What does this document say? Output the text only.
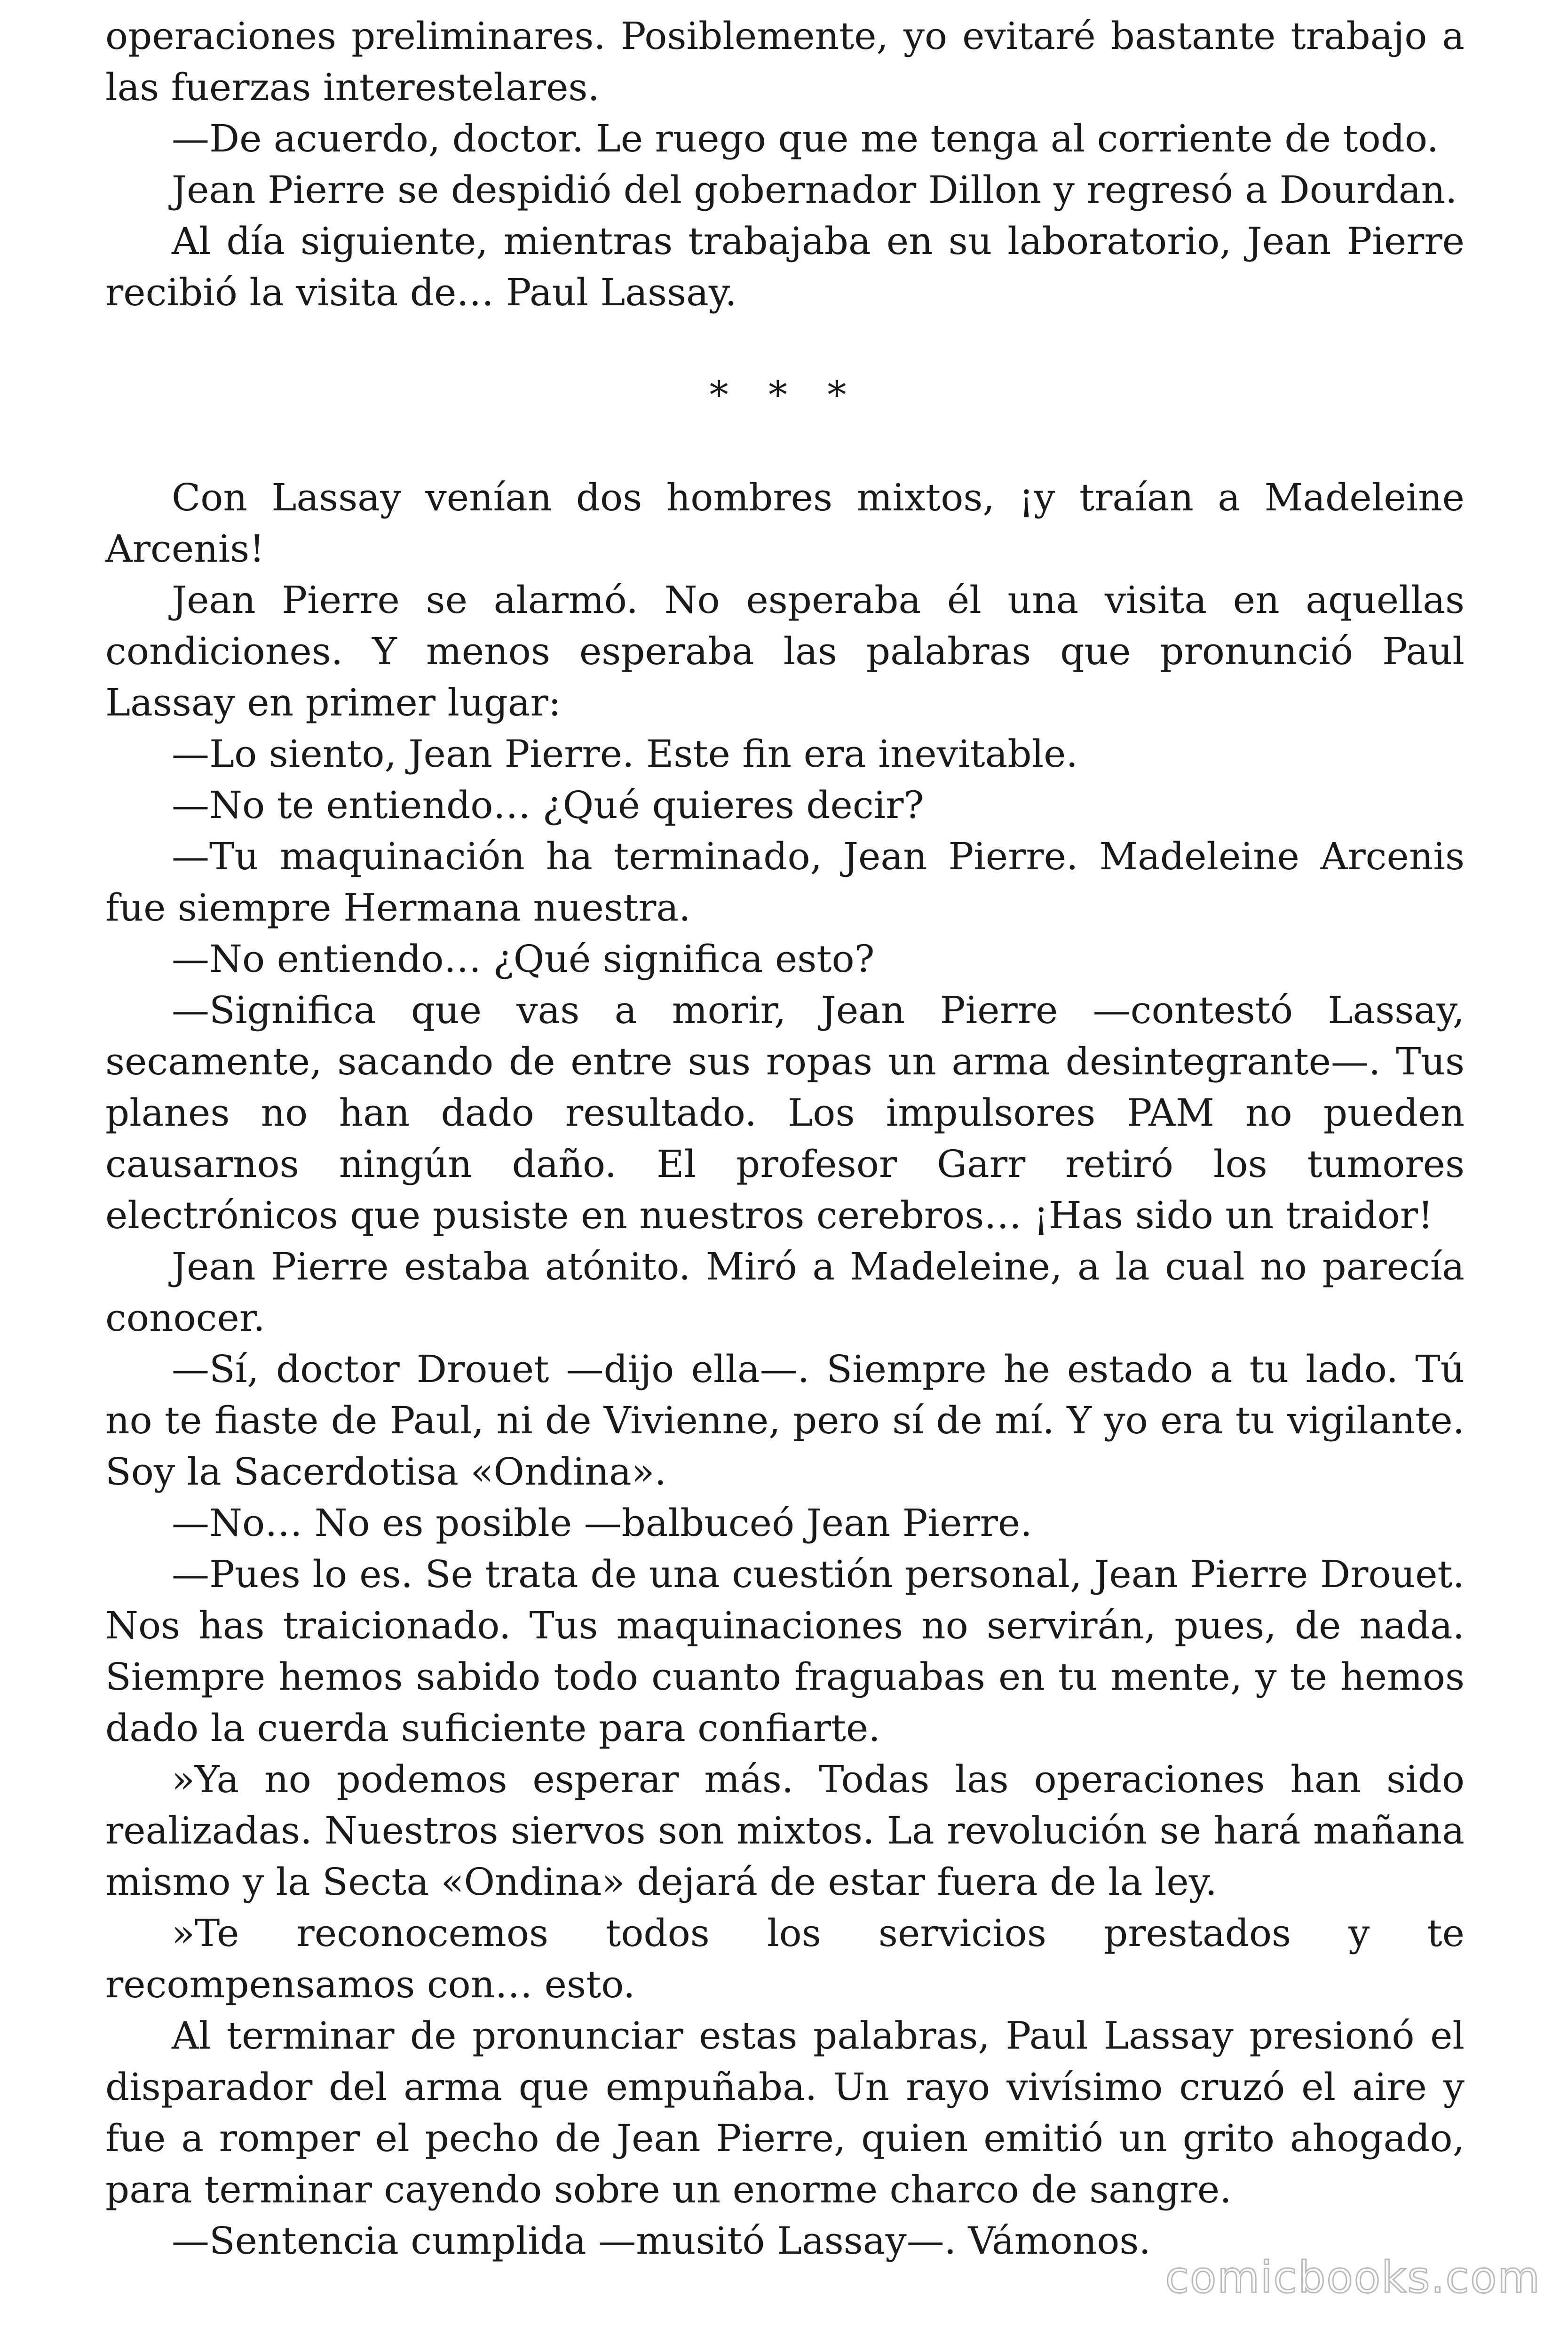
operaciones preliminares. Posiblemente, yo evitaré bastante trabajo a las fuerzas interestelares.

—De acuerdo, doctor. Le ruego que me tenga al corriente de todo.

Jean Pierre se despidió del gobernador Dillon y regresó a Dourdan.

Al día siguiente, mientras trabajaba en su laboratorio, Jean Pierre recibió la visita de… Paul Lassay.

* * *

Con Lassay venían dos hombres mixtos, ¡y traían a Madeleine Arcenis!

Jean Pierre se alarmó. No esperaba él una visita en aquellas condiciones. Y menos esperaba las palabras que pronunció Paul Lassay en primer lugar:

—Lo siento, Jean Pierre. Este fin era inevitable.

—No te entiendo… ¿Qué quieres decir?

—Tu maquinación ha terminado, Jean Pierre. Madeleine Arcenis fue siempre Hermana nuestra.

—No entiendo… ¿Qué significa esto?

—Significa que vas a morir, Jean Pierre —contestó Lassay, secamente, sacando de entre sus ropas un arma desintegrante—. Tus planes no han dado resultado. Los impulsores PAM no pueden causarnos ningún daño. El profesor Garr retiró los tumores electrónicos que pusiste en nuestros cerebros… ¡Has sido un traidor!

Jean Pierre estaba atónito. Miró a Madeleine, a la cual no parecía conocer.

—Sí, doctor Drouet —dijo ella—. Siempre he estado a tu lado. Tú no te fiaste de Paul, ni de Vivienne, pero sí de mí. Y yo era tu vigilante. Soy la Sacerdotisa «Ondina».

—No… No es posible —balbuceó Jean Pierre.

—Pues lo es. Se trata de una cuestión personal, Jean Pierre Drouet. Nos has traicionado. Tus maquinaciones no servirán, pues, de nada. Siempre hemos sabido todo cuanto fraguabas en tu mente, y te hemos dado la cuerda suficiente para confiarte.

»Ya no podemos esperar más. Todas las operaciones han sido realizadas. Nuestros siervos son mixtos. La revolución se hará mañana mismo y la Secta «Ondina» dejará de estar fuera de la ley.

»Te reconocemos todos los servicios prestados y te recompensamos con… esto.

Al terminar de pronunciar estas palabras, Paul Lassay presionó el disparador del arma que empuñaba. Un rayo vivísimo cruzó el aire y fue a romper el pecho de Jean Pierre, quien emitió un grito ahogado, para terminar cayendo sobre un enorme charco de sangre.

—Sentencia cumplida —musitó Lassay—. Vámonos.

comicbooks.com
